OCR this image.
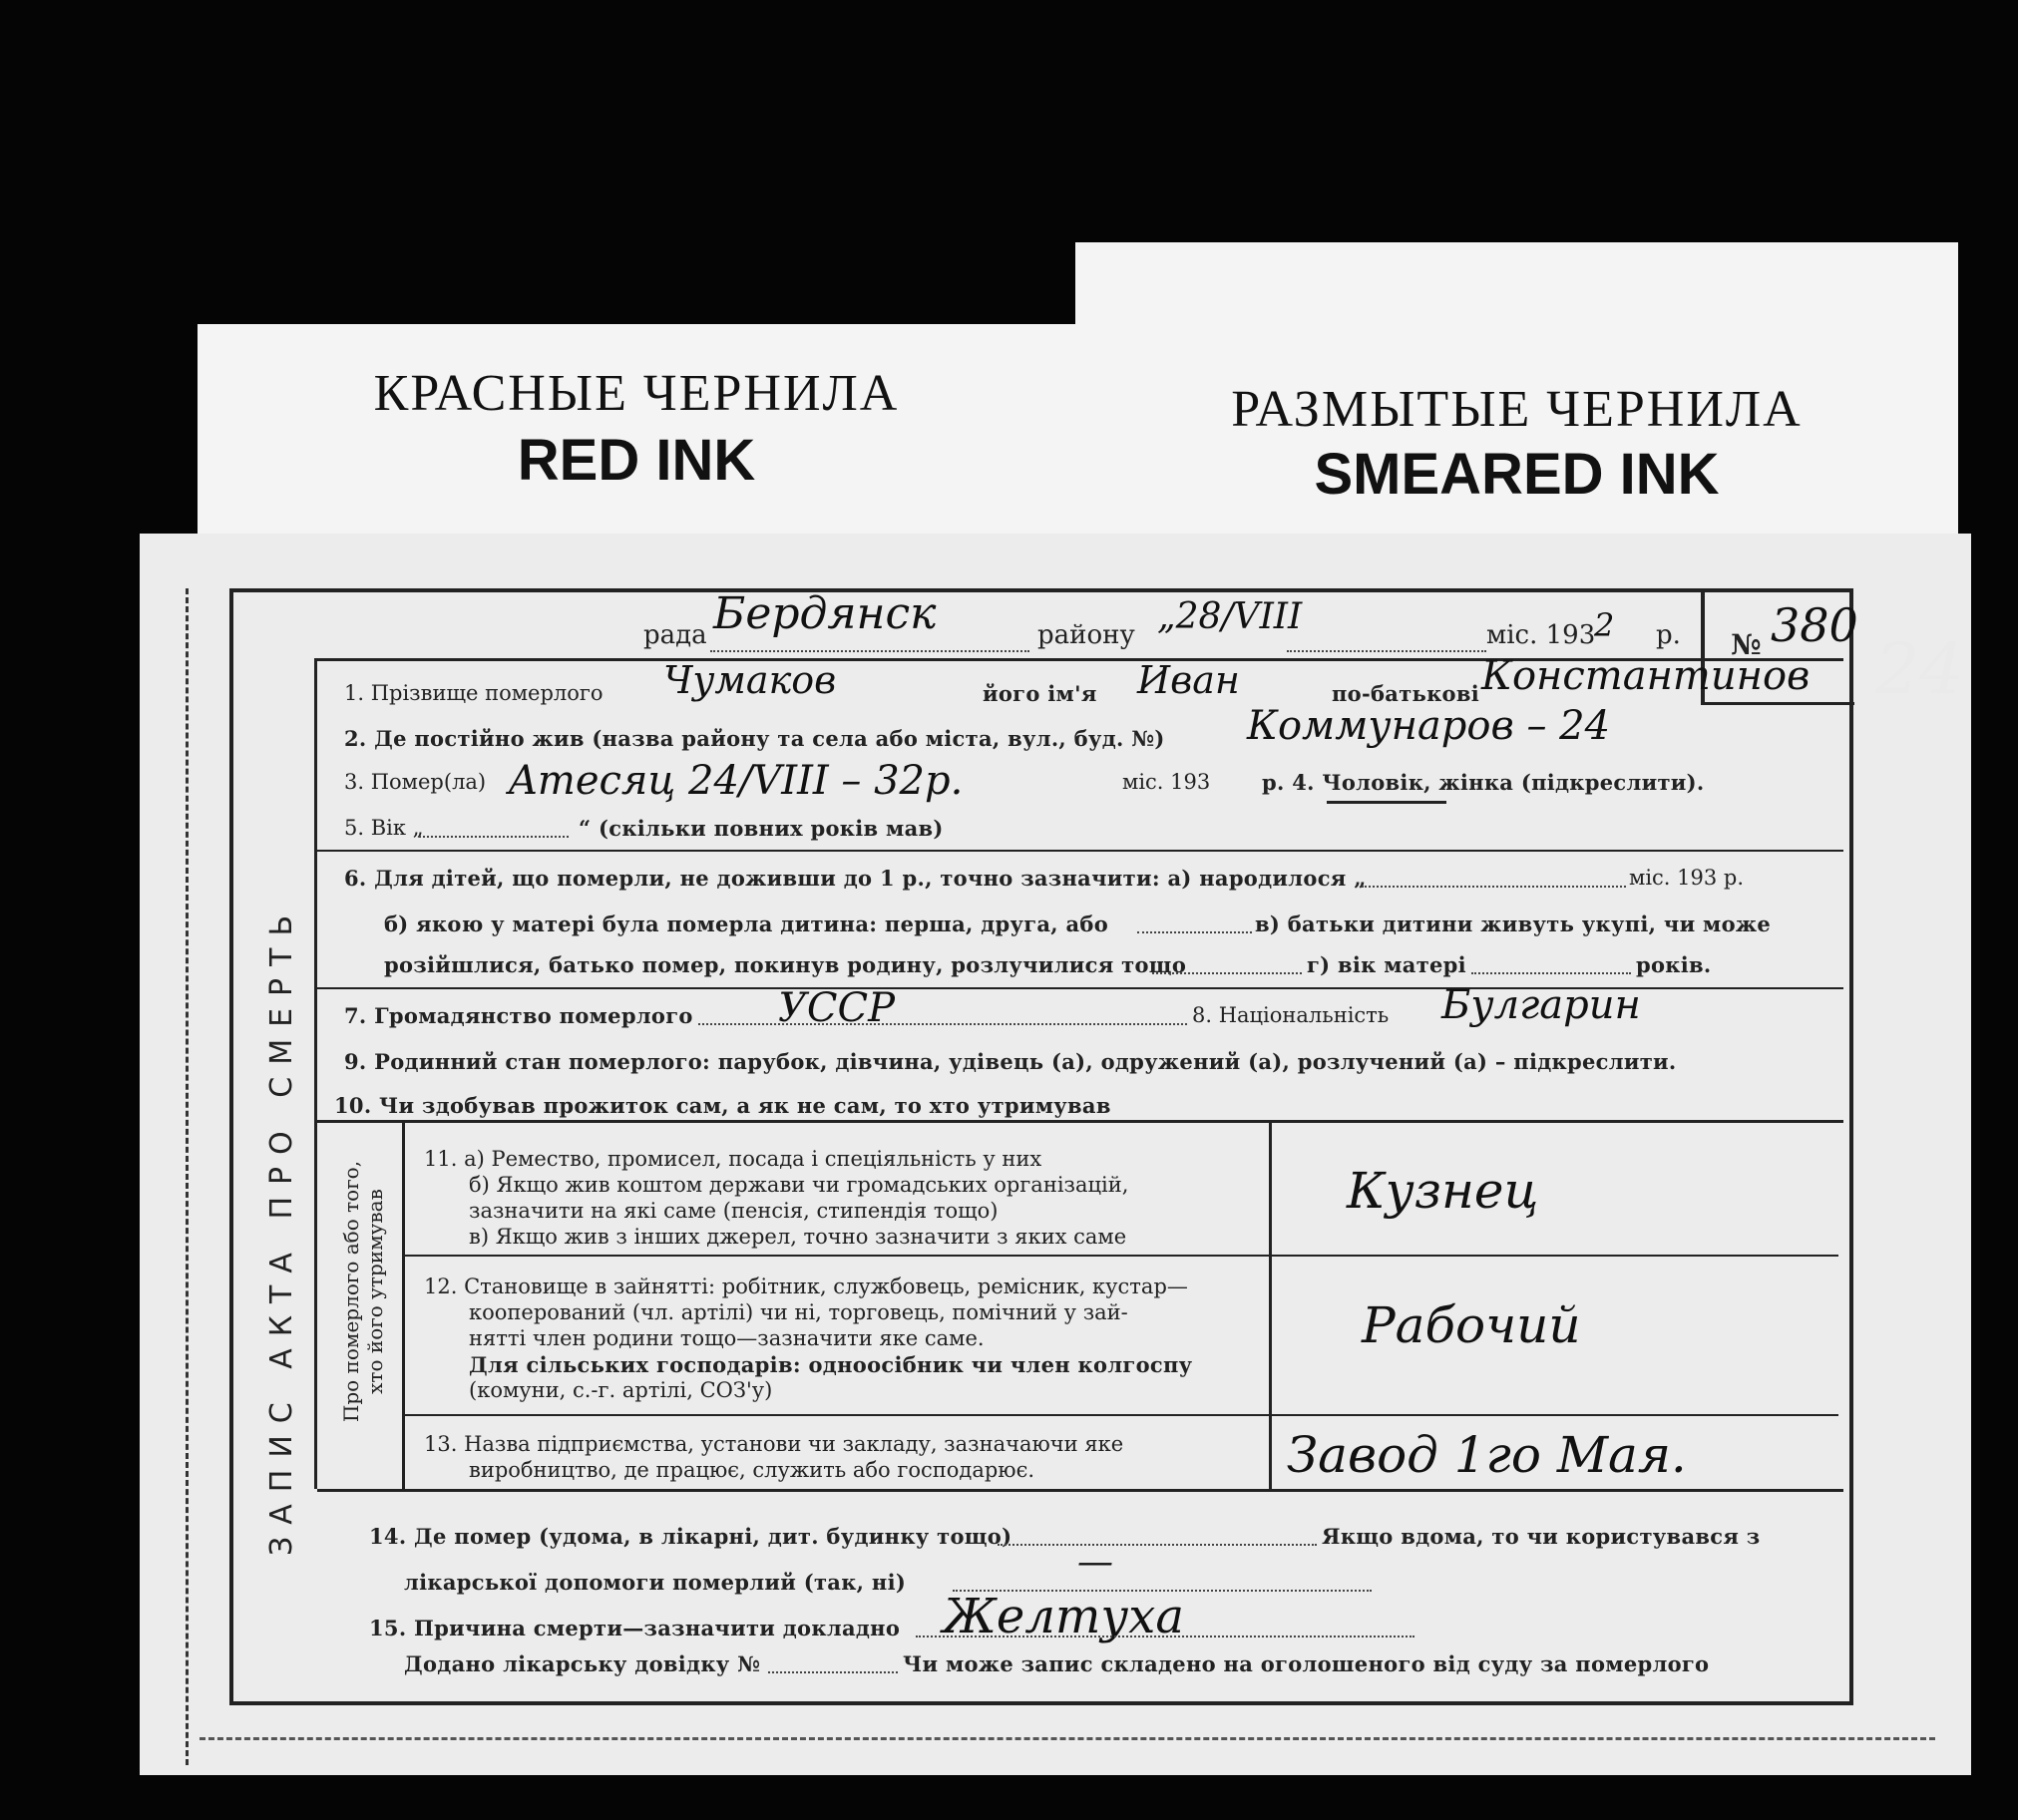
КРАСНЫЕ ЧЕРНИЛА
RED INK
РАЗМЫТЫЕ ЧЕРНИЛА
SMEARED INK
ЗАПИС АКТА ПРО СМЕРТЬ Про померлого або того, хто його утримував
24
рада Бердянск	району „28/VIII	міс. 193
2 р. № 380
1. Прізвище померлого Чумаков	його ім'я Иван	по-батькові Константинов
2. Де постійно жив (назва району та села або міста, вул., буд. №) Коммунаров – 24
3. Помер(ла) Amесяц 24/VIII – 32р.	міс. 193 р. 4. Чоловік, жінка (підкреслити).
5. Вік „	“ (скільки повних років мав)
6. Для дітей, що померли, не доживши до 1 р., точно зазначити: а) народилося „	міс. 193 р.
б) якою у матері була померла дитина: перша, друга, або	в) батьки дитини живуть укупі, чи може
розійшлися, батько помер, покинув родину, розлучилися тощо	г) вік матері	років.
7. Громадянство померлого УССР	8. Національність Булгарин
9. Родинний стан померлого: парубок, дівчина, удівець (а), одружений (а), розлучений (а) – підкреслити.
10. Чи здобував прожиток сам, а як не сам, то хто утримував
11. а) Ремество, промисел, посада і спеціяльність у них
б) Якщо жив коштом держави чи громадських організацій,
зазначити на які саме (пенсія, стипендія тощо)
в) Якщо жив з інших джерел, точно зазначити з яких саме
Кузнец
12. Становище в зайнятті: робітник, службовець, ремісник, кустар—
кооперований (чл. артілі) чи ні, торговець, помічний у зай-
нятті член родини тощо—зазначити яке саме.
Для сільських господарів: одноосібник чи член колгоспу
(комуни, с.-г. артілі, СОЗ'у)
Рабочий
13. Назва підприємства, установи чи закладу, зазначаючи яке
виробництво, де працює, служить або господарює.	Завод 1го Мая.
14. Де помер (удома, в лікарні, дит. будинку тощо)	Якщо вдома, то чи користувався з
лікарської допомоги померлий (так, ні)	—
15. Причина смерти—зазначити докладно Желтуха
Додано лікарську довідку №	Чи може запис складено на оголошеного від суду за померлого
